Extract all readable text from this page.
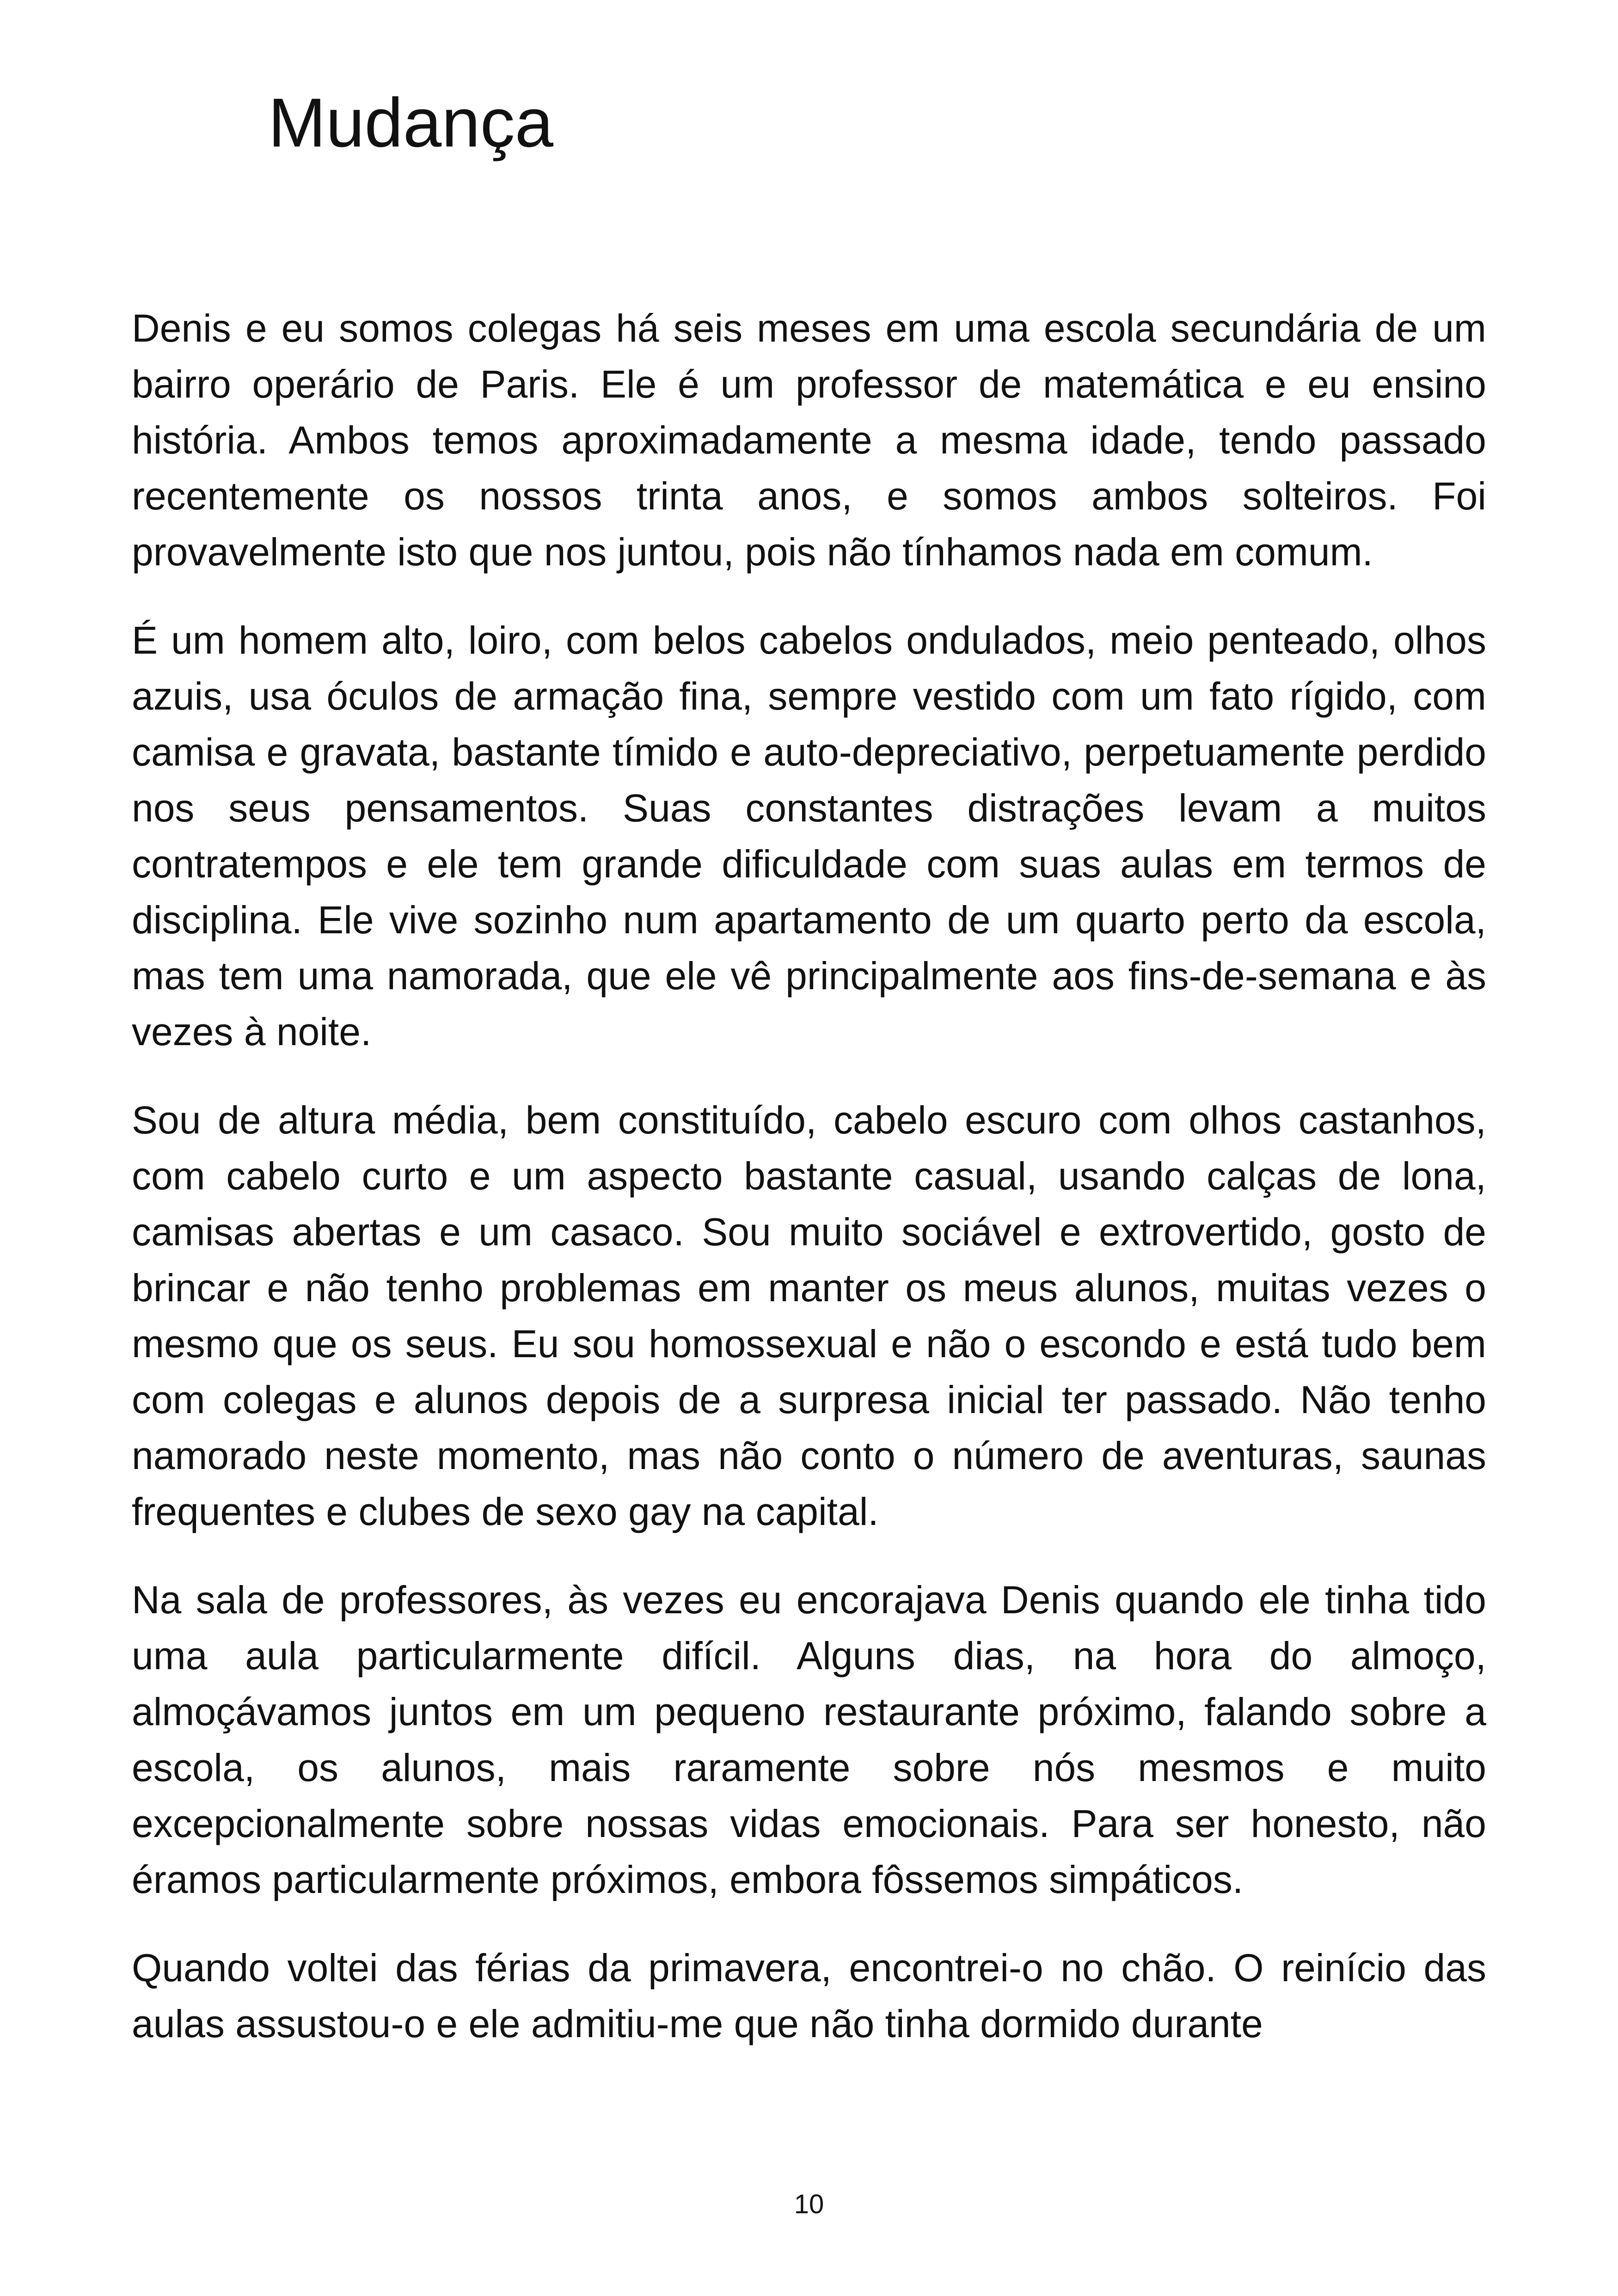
Mudança

Denis e eu somos colegas há seis meses em uma escola secundária de um bairro operário de Paris. Ele é um professor de matemática e eu ensino história. Ambos temos aproximadamente a mesma idade, tendo passado recentemente os nossos trinta anos, e somos ambos solteiros. Foi provavelmente isto que nos juntou, pois não tínhamos nada em comum.

É um homem alto, loiro, com belos cabelos ondulados, meio penteado, olhos azuis, usa óculos de armação fina, sempre vestido com um fato rígido, com camisa e gravata, bastante tímido e auto-depreciativo, perpetuamente perdido nos seus pensamentos. Suas constantes distrações levam a muitos contratempos e ele tem grande dificuldade com suas aulas em termos de disciplina. Ele vive sozinho num apartamento de um quarto perto da escola, mas tem uma namorada, que ele vê principalmente aos fins-de-semana e às vezes à noite.

Sou de altura média, bem constituído, cabelo escuro com olhos castanhos, com cabelo curto e um aspecto bastante casual, usando calças de lona, camisas abertas e um casaco. Sou muito sociável e extrovertido, gosto de brincar e não tenho problemas em manter os meus alunos, muitas vezes o mesmo que os seus. Eu sou homossexual e não o escondo e está tudo bem com colegas e alunos depois de a surpresa inicial ter passado. Não tenho namorado neste momento, mas não conto o número de aventuras, saunas frequentes e clubes de sexo gay na capital.

Na sala de professores, às vezes eu encorajava Denis quando ele tinha tido uma aula particularmente difícil. Alguns dias, na hora do almoço, almoçávamos juntos em um pequeno restaurante próximo, falando sobre a escola, os alunos, mais raramente sobre nós mesmos e muito excepcionalmente sobre nossas vidas emocionais. Para ser honesto, não éramos particularmente próximos, embora fôssemos simpáticos.

Quando voltei das férias da primavera, encontrei-o no chão. O reinício das aulas assustou-o e ele admitiu-me que não tinha dormido durante

10
